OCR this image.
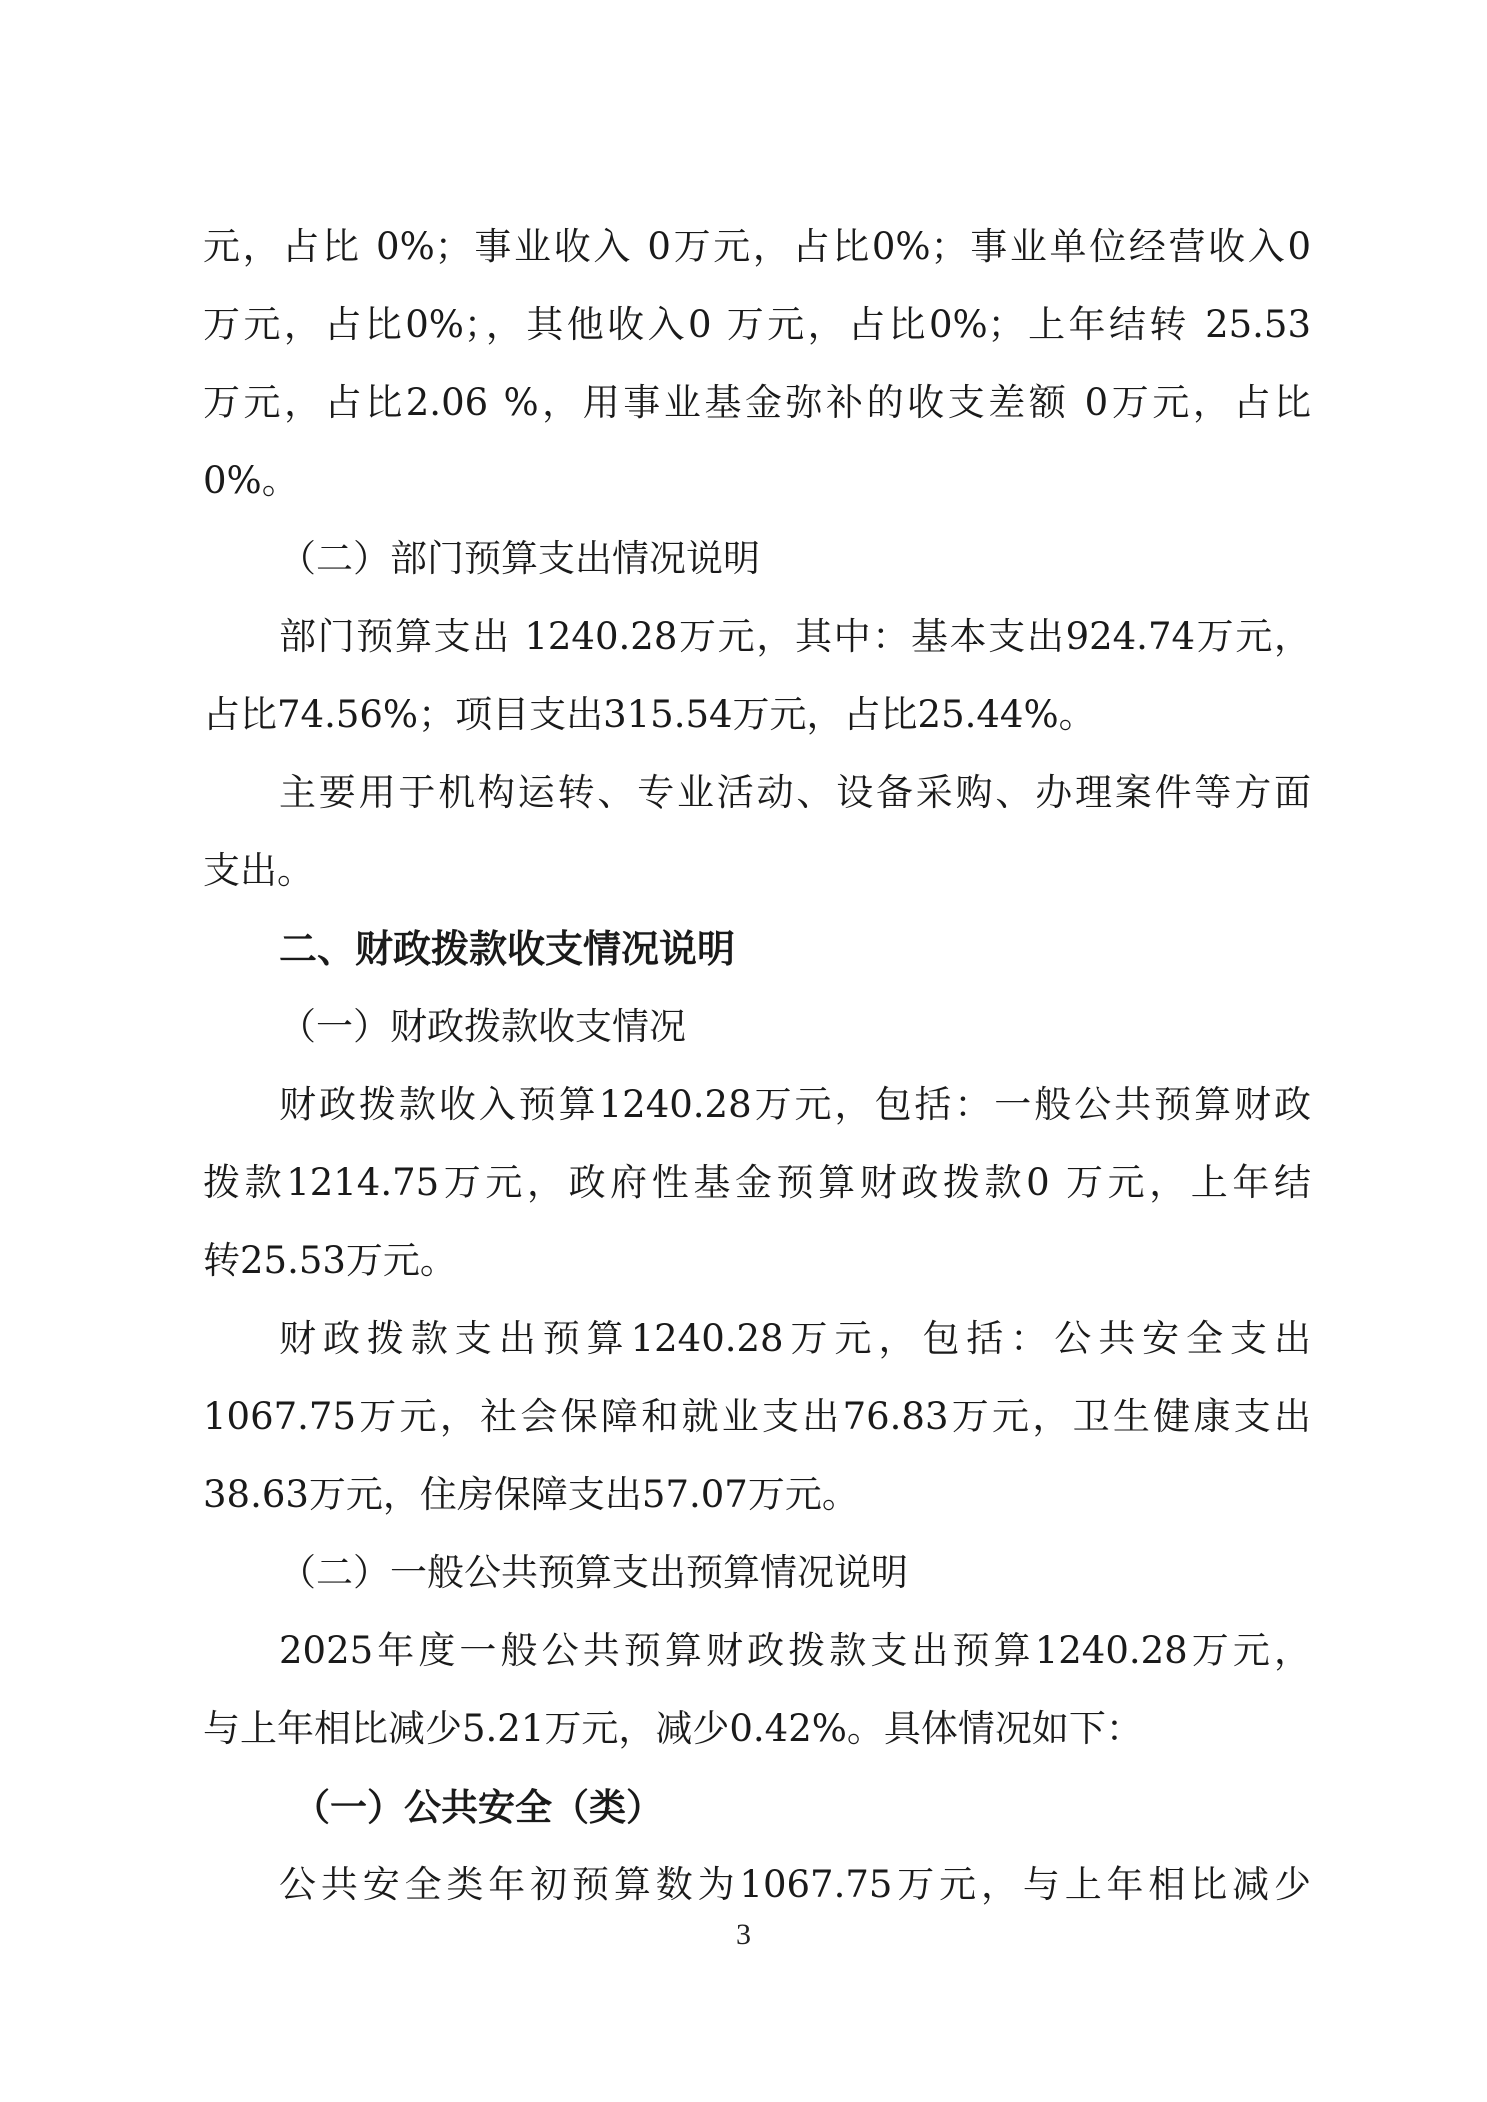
元，占比 0%；事业收入 0万元，占比0%；事业单位经营收入0
万元，占比0%；，其他收入0 万元，占比0%；上年结转 25.53
万元，占比2.06 %，用事业基金弥补的收支差额 0万元，占比
0%。
（二）部门预算支出情况说明
部门预算支出 1240.28万元，其中：基本支出924.74万元，
占比74.56%；项目支出315.54万元，占比25.44%。
主要用于机构运转、专业活动、设备采购、办理案件等方面
支出。
二、财政拨款收支情况说明
（一）财政拨款收支情况
财政拨款收入预算1240.28万元，包括：一般公共预算财政
拨款1214.75万元，政府性基金预算财政拨款0 万元，上年结
转25.53万元。
财政拨款支出预算1240.28万元，包括：公共安全支出
1067.75万元，社会保障和就业支出76.83万元，卫生健康支出
38.63万元，住房保障支出57.07万元。
（二）一般公共预算支出预算情况说明
2025年度一般公共预算财政拨款支出预算1240.28万元，
与上年相比减少5.21万元，减少0.42%。具体情况如下：
（一）公共安全（类）
公共安全类年初预算数为1067.75万元，与上年相比减少
3
